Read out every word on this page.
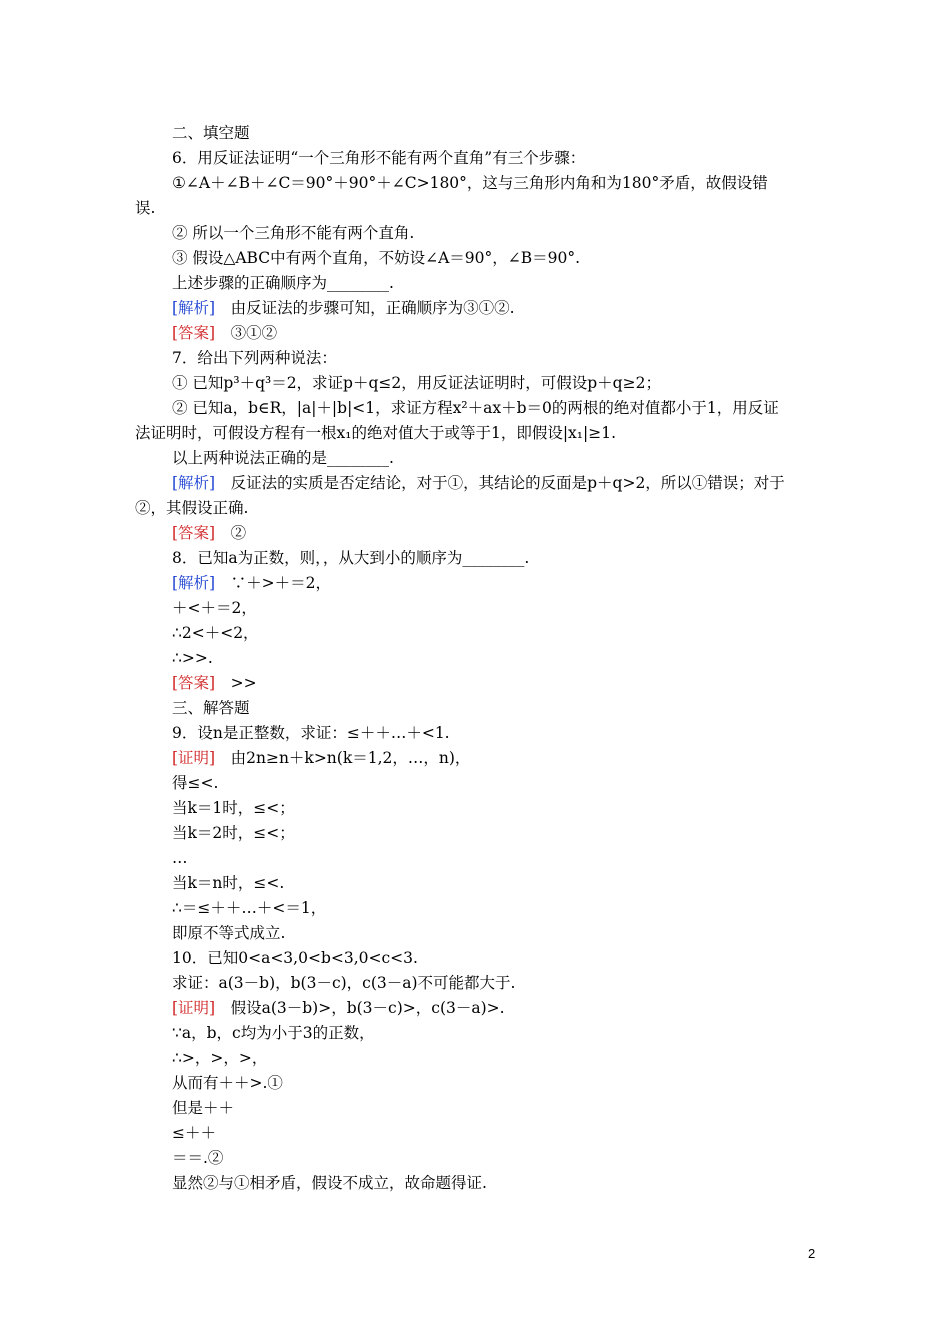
二、填空题
6．用反证法证明“一个三角形不能有两个直角”有三个步骤：
①∠A＋∠B＋∠C＝90°＋90°＋∠C>180°，这与三角形内角和为180°矛盾，故假设错
误.
② 所以一个三角形不能有两个直角.
③ 假设△ABC中有两个直角，不妨设∠A＝90°，∠B＝90°.
上述步骤的正确顺序为________.
[解析]　由反证法的步骤可知，正确顺序为③①②.
[答案]　③①②
7．给出下列两种说法：
① 已知p³＋q³＝2，求证p＋q≤2，用反证法证明时，可假设p＋q≥2；
② 已知a，b∈R，|a|＋|b|<1，求证方程x²＋ax＋b＝0的两根的绝对值都小于1，用反证
法证明时，可假设方程有一根x₁的绝对值大于或等于1，即假设|x₁|≥1.
以上两种说法正确的是________.
[解析]　反证法的实质是否定结论，对于①，其结论的反面是p＋q>2，所以①错误；对于
②，其假设正确.
[答案]　②
8．已知a为正数，则，，从大到小的顺序为________.
[解析]　∵＋>＋＝2，
＋<＋＝2，
∴2<＋<2，
∴>>.
[答案]　>>
三、解答题
9．设n是正整数，求证：≤＋＋…＋<1.
[证明]　由2n≥n＋k>n(k＝1,2，…，n)，
得≤<.
当k＝1时，≤<；
当k＝2时，≤<；
…
当k＝n时，≤<.
∴＝≤＋＋…＋<＝1，
即原不等式成立.
10．已知0<a<3,0<b<3,0<c<3.
求证：a(3－b)，b(3－c)，c(3－a)不可能都大于.
[证明]　假设a(3－b)>，b(3－c)>，c(3－a)>.
∵a，b，c均为小于3的正数，
∴>，>，>，
从而有＋＋>.①
但是＋＋
≤＋＋
＝＝.②
显然②与①相矛盾，假设不成立，故命题得证.
2
